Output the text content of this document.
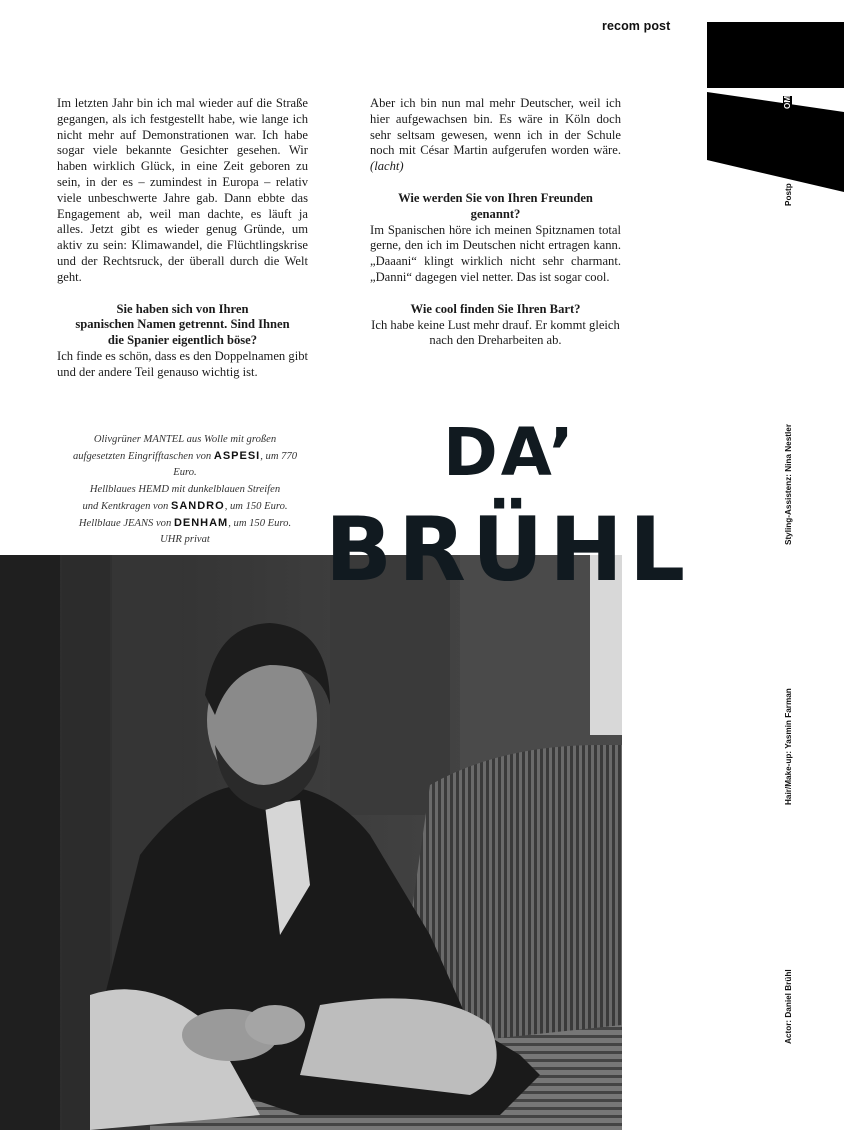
recom post

Im letzten Jahr bin ich mal wieder auf die Straße gegangen, als ich festgestellt habe, wie lange ich nicht mehr auf Demonstrationen war. Ich habe sogar viele bekannte Gesichter gesehen. Wir haben wirklich Glück, in eine Zeit geboren zu sein, in der es – zumindest in Europa – relativ viele unbeschwerte Jahre gab. Dann ebbte das Engagement ab, weil man dachte, es läuft ja alles. Jetzt gibt es wieder genug Gründe, um aktiv zu sein: Klimawandel, die Flüchtlingskrise und der Rechtsruck, der überall durch die Welt geht.

Sie haben sich von Ihren
spanischen Namen getrennt. Sind Ihnen
die Spanier eigentlich böse?

Ich finde es schön, dass es den Doppelnamen gibt und der andere Teil genauso wichtig ist.

Aber ich bin nun mal mehr Deutscher, weil ich hier aufgewachsen bin. Es wäre in Köln doch sehr seltsam gewesen, wenn ich in der Schule noch mit César Martin aufgerufen worden wäre. (lacht)

Wie werden Sie von Ihren Freunden
genannt?

Im Spanischen höre ich meinen Spitznamen total gerne, den ich im Deutschen nicht ertragen kann. „Daaani“ klingt wirklich nicht sehr charmant. „Danni“ dagegen viel netter. Das ist sogar cool.

Wie cool finden Sie Ihren Bart?

Ich habe keine Lust mehr drauf. Er kommt gleich
nach den Dreharbeiten ab.

Olivgrüner MANTEL aus Wolle mit großen
aufgesetzten Eingrifftaschen von ASPESI, um 770 Euro.
Hellblaues HEMD mit dunkelblauen Streifen
und Kentkragen von SANDRO, um 150 Euro.
Hellblaue JEANS von DENHAM, um 150 Euro.
UHR privat
DA’
BRÜHL
Postp
OM
Styling-Assistenz: Nina Nestler
Hair/Make-up: Yasmin Farman
Actor: Daniel Brühl
